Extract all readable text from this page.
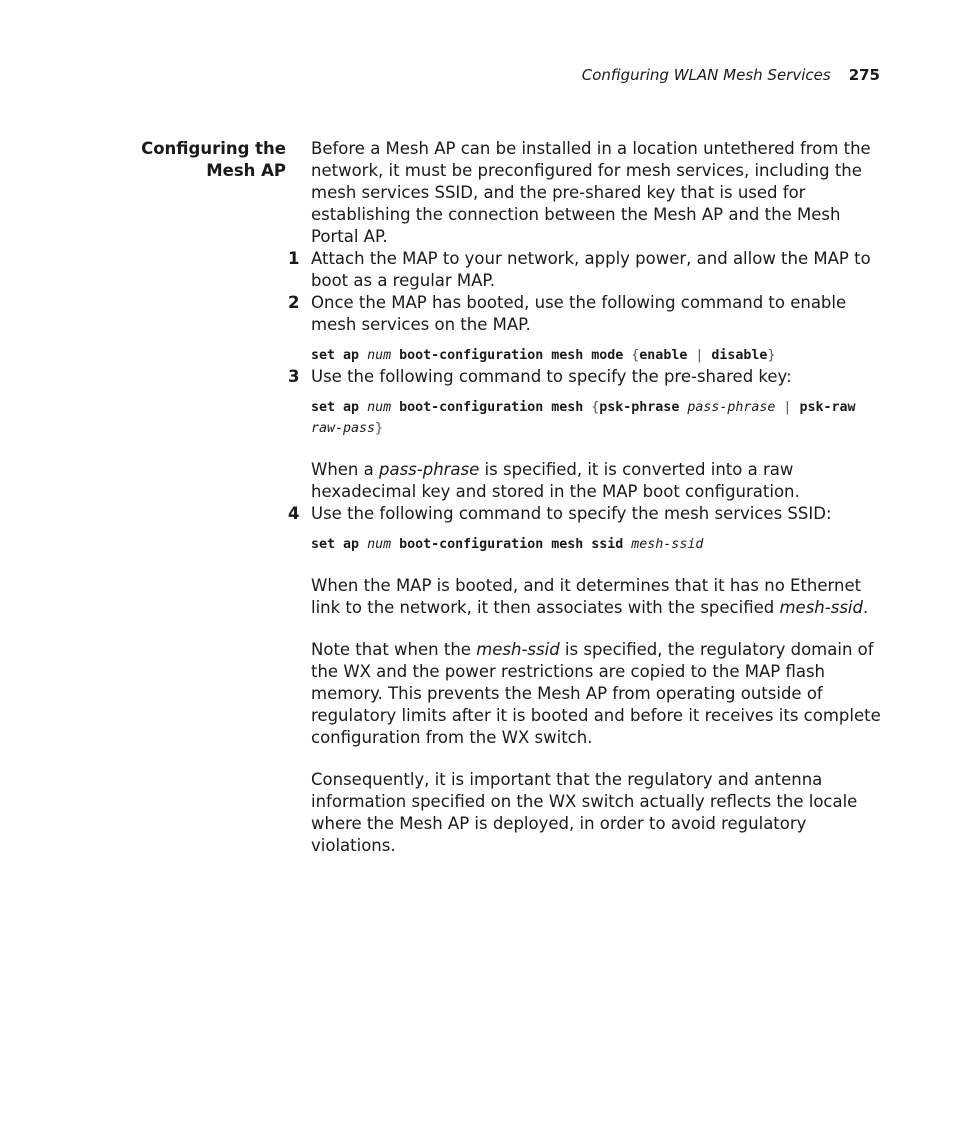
Configuring WLAN Mesh Services 275
Configuring the
Mesh AP

Before a Mesh AP can be installed in a location untethered from the network, it must be preconfigured for mesh services, including the mesh services SSID, and the pre-shared key that is used for establishing the connection between the Mesh AP and the Mesh Portal AP.

1 Attach the MAP to your network, apply power, and allow the MAP to boot as a regular MAP.

2 Once the MAP has booted, use the following command to enable mesh services on the MAP.

set ap num boot-configuration mesh mode {enable | disable}
3 Use the following command to specify the pre-shared key:

set ap num boot-configuration mesh {psk-phrase pass-phrase | psk-raw raw-pass}

When a pass-phrase is specified, it is converted into a raw hexadecimal key and stored in the MAP boot configuration.

4 Use the following command to specify the mesh services SSID:

set ap num boot-configuration mesh ssid mesh-ssid

When the MAP is booted, and it determines that it has no Ethernet link to the network, it then associates with the specified mesh-ssid.

Note that when the mesh-ssid is specified, the regulatory domain of the WX and the power restrictions are copied to the MAP flash memory. This prevents the Mesh AP from operating outside of regulatory limits after it is booted and before it receives its complete configuration from the WX switch.

Consequently, it is important that the regulatory and antenna information specified on the WX switch actually reflects the locale where the Mesh AP is deployed, in order to avoid regulatory violations.
